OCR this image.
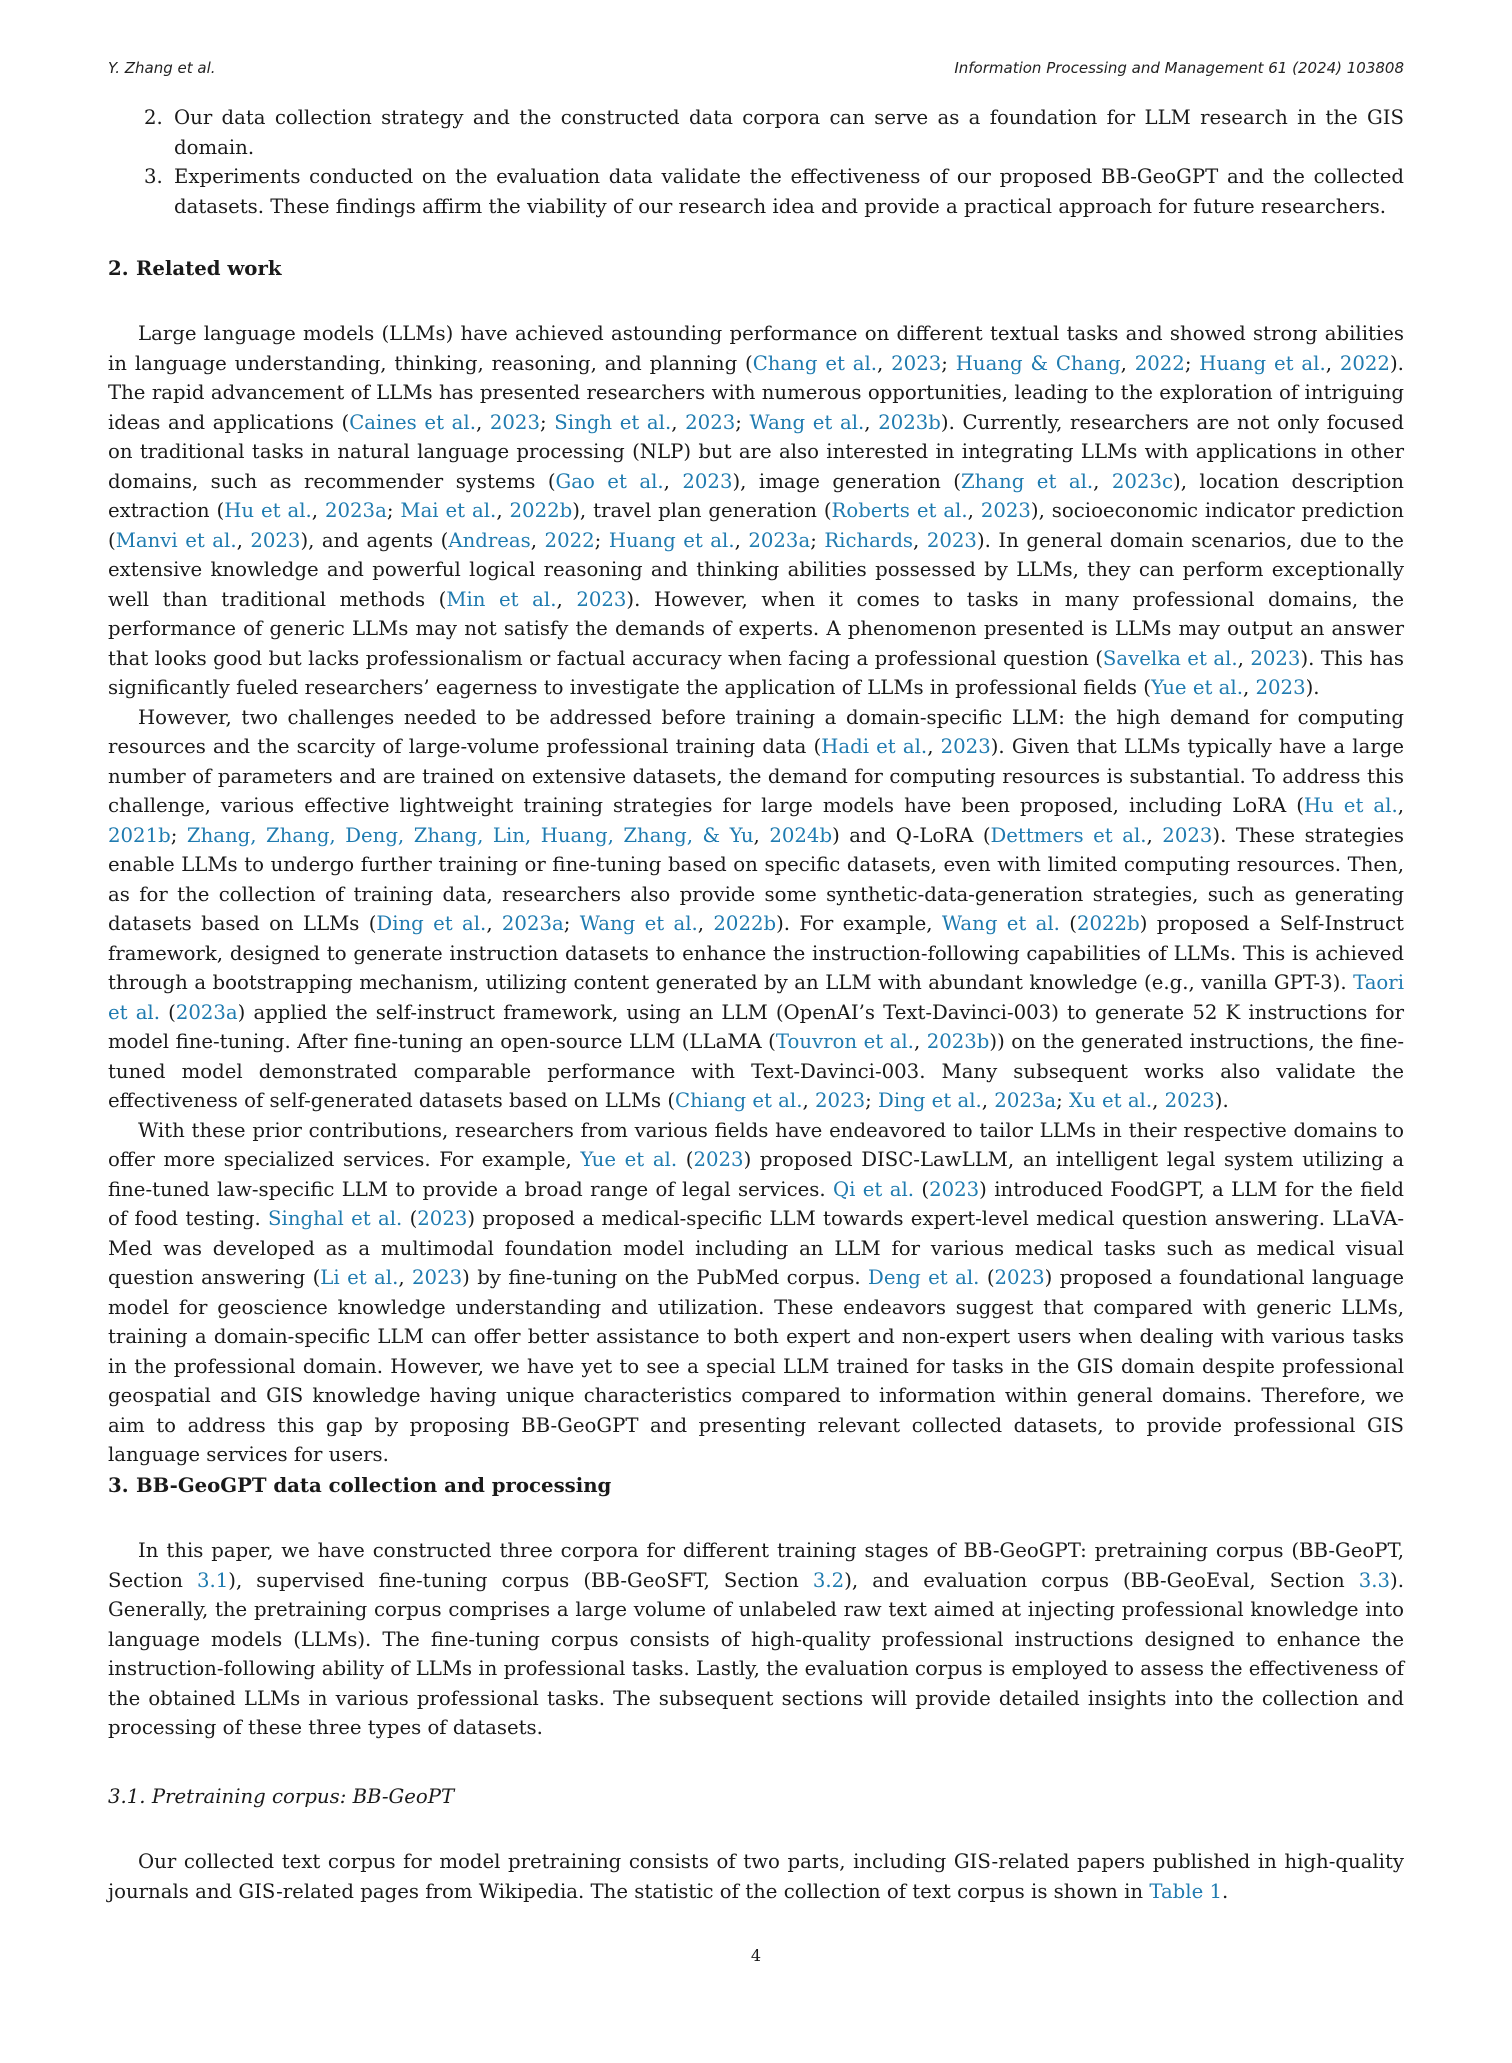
Y. Zhang et al.	Information Processing and Management 61 (2024) 103808
2. Our data collection strategy and the constructed data corpora can serve as a foundation for LLM research in the GIS domain.
3. Experiments conducted on the evaluation data validate the effectiveness of our proposed BB-GeoGPT and the collected datasets. These findings affirm the viability of our research idea and provide a practical approach for future researchers.
2. Related work

Large language models (LLMs) have achieved astounding performance on different textual tasks and showed strong abilities in language understanding, thinking, reasoning, and planning (Chang et al., 2023; Huang & Chang, 2022; Huang et al., 2022). The rapid advancement of LLMs has presented researchers with numerous opportunities, leading to the exploration of intriguing ideas and applications (Caines et al., 2023; Singh et al., 2023; Wang et al., 2023b). Currently, researchers are not only focused on traditional tasks in natural language processing (NLP) but are also interested in integrating LLMs with applications in other domains, such as recommender systems (Gao et al., 2023), image generation (Zhang et al., 2023c), location description extraction (Hu et al., 2023a; Mai et al., 2022b), travel plan generation (Roberts et al., 2023), socioeconomic indicator prediction (Manvi et al., 2023), and agents (Andreas, 2022; Huang et al., 2023a; Richards, 2023). In general domain scenarios, due to the extensive knowledge and powerful logical reasoning and thinking abilities possessed by LLMs, they can perform exceptionally well than traditional methods (Min et al., 2023). However, when it comes to tasks in many professional domains, the performance of generic LLMs may not satisfy the demands of experts. A phenomenon presented is LLMs may output an answer that looks good but lacks professionalism or factual accuracy when facing a professional question (Savelka et al., 2023). This has significantly fueled researchers’ eagerness to investigate the application of LLMs in professional fields (Yue et al., 2023).

However, two challenges needed to be addressed before training a domain-specific LLM: the high demand for computing resources and the scarcity of large-volume professional training data (Hadi et al., 2023). Given that LLMs typically have a large number of parameters and are trained on extensive datasets, the demand for computing resources is substantial. To address this challenge, various effective lightweight training strategies for large models have been proposed, including LoRA (Hu et al., 2021b; Zhang, Zhang, Deng, Zhang, Lin, Huang, Zhang, & Yu, 2024b) and Q-LoRA (Dettmers et al., 2023). These strategies enable LLMs to undergo further training or fine-tuning based on specific datasets, even with limited computing resources. Then, as for the collection of training data, researchers also provide some synthetic-data-generation strategies, such as generating datasets based on LLMs (Ding et al., 2023a; Wang et al., 2022b). For example, Wang et al. (2022b) proposed a Self-Instruct framework, designed to generate instruction datasets to enhance the instruction-following capabilities of LLMs. This is achieved through a bootstrapping mechanism, utilizing content generated by an LLM with abundant knowledge (e.g., vanilla GPT-3). Taori et al. (2023a) applied the self-instruct framework, using an LLM (OpenAI’s Text-Davinci-003) to generate 52 K instructions for model fine-tuning. After fine-tuning an open-source LLM (LLaMA (Touvron et al., 2023b)) on the generated instructions, the fine-tuned model demonstrated comparable performance with Text-Davinci-003. Many subsequent works also validate the effectiveness of self-generated datasets based on LLMs (Chiang et al., 2023; Ding et al., 2023a; Xu et al., 2023).

With these prior contributions, researchers from various fields have endeavored to tailor LLMs in their respective domains to offer more specialized services. For example, Yue et al. (2023) proposed DISC-LawLLM, an intelligent legal system utilizing a fine-tuned law-specific LLM to provide a broad range of legal services. Qi et al. (2023) introduced FoodGPT, a LLM for the field of food testing. Singhal et al. (2023) proposed a medical-specific LLM towards expert-level medical question answering. LLaVA-Med was developed as a multimodal foundation model including an LLM for various medical tasks such as medical visual question answering (Li et al., 2023) by fine-tuning on the PubMed corpus. Deng et al. (2023) proposed a foundational language model for geoscience knowledge understanding and utilization. These endeavors suggest that compared with generic LLMs, training a domain-specific LLM can offer better assistance to both expert and non-expert users when dealing with various tasks in the professional domain. However, we have yet to see a special LLM trained for tasks in the GIS domain despite professional geospatial and GIS knowledge having unique characteristics compared to information within general domains. Therefore, we aim to address this gap by proposing BB-GeoGPT and presenting relevant collected datasets, to provide professional GIS language services for users.

3. BB-GeoGPT data collection and processing

In this paper, we have constructed three corpora for different training stages of BB-GeoGPT: pretraining corpus (BB-GeoPT, Section 3.1), supervised fine-tuning corpus (BB-GeoSFT, Section 3.2), and evaluation corpus (BB-GeoEval, Section 3.3). Generally, the pretraining corpus comprises a large volume of unlabeled raw text aimed at injecting professional knowledge into language models (LLMs). The fine-tuning corpus consists of high-quality professional instructions designed to enhance the instruction-following ability of LLMs in professional tasks. Lastly, the evaluation corpus is employed to assess the effectiveness of the obtained LLMs in various professional tasks. The subsequent sections will provide detailed insights into the collection and processing of these three types of datasets.

3.1. Pretraining corpus: BB-GeoPT

Our collected text corpus for model pretraining consists of two parts, including GIS-related papers published in high-quality journals and GIS-related pages from Wikipedia. The statistic of the collection of text corpus is shown in Table 1.

4
